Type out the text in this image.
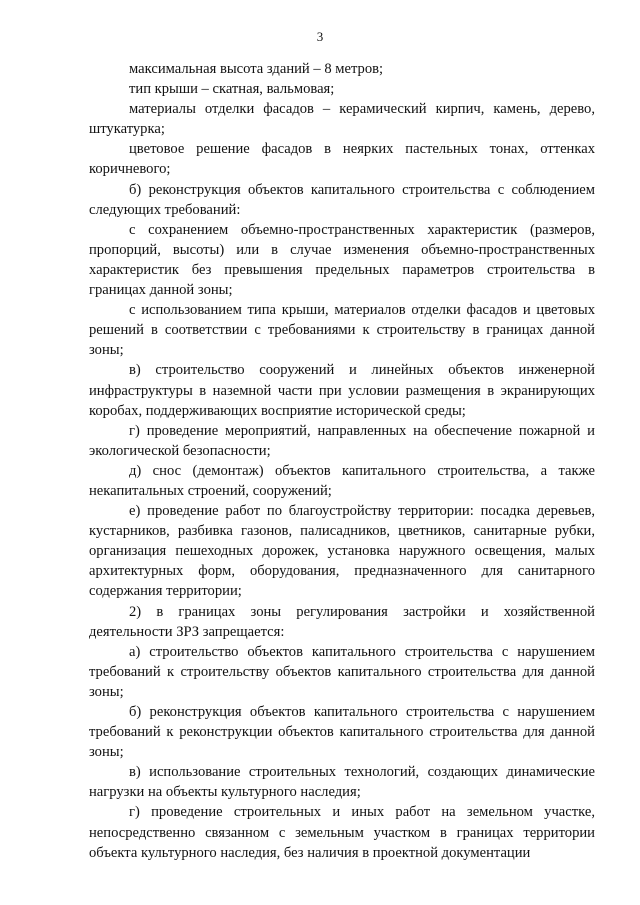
3

максимальная высота зданий – 8 метров;

тип крыши – скатная, вальмовая;

материалы отделки фасадов – керамический кирпич, камень, дерево, штукатурка;

цветовое решение фасадов в неярких пастельных тонах, оттенках коричневого;

б) реконструкция объектов капитального строительства с соблюдением следующих требований:

с сохранением объемно-пространственных характеристик (размеров, пропорций, высоты) или в случае изменения объемно-пространственных характеристик без превышения предельных параметров строительства в границах данной зоны;

с использованием типа крыши, материалов отделки фасадов и цветовых решений в соответствии с требованиями к строительству в границах данной зоны;

в) строительство сооружений и линейных объектов инженерной инфраструктуры в наземной части при условии размещения в экранирующих коробах, поддерживающих восприятие исторической среды;

г) проведение мероприятий, направленных на обеспечение пожарной и экологической безопасности;

д) снос (демонтаж) объектов капитального строительства, а также некапитальных строений, сооружений;

е) проведение работ по благоустройству территории: посадка деревьев, кустарников, разбивка газонов, палисадников, цветников, санитарные рубки, организация пешеходных дорожек, установка наружного освещения, малых архитектурных форм, оборудования, предназначенного для санитарного содержания территории;

2) в границах зоны регулирования застройки и хозяйственной деятельности ЗРЗ запрещается:

а) строительство объектов капитального строительства с нарушением требований к строительству объектов капитального строительства для данной зоны;

б) реконструкция объектов капитального строительства с нарушением требований к реконструкции объектов капитального строительства для данной зоны;

в) использование строительных технологий, создающих динамические нагрузки на объекты культурного наследия;

г) проведение строительных и иных работ на земельном участке, непосредственно связанном с земельным участком в границах территории объекта культурного наследия, без наличия в проектной документации
